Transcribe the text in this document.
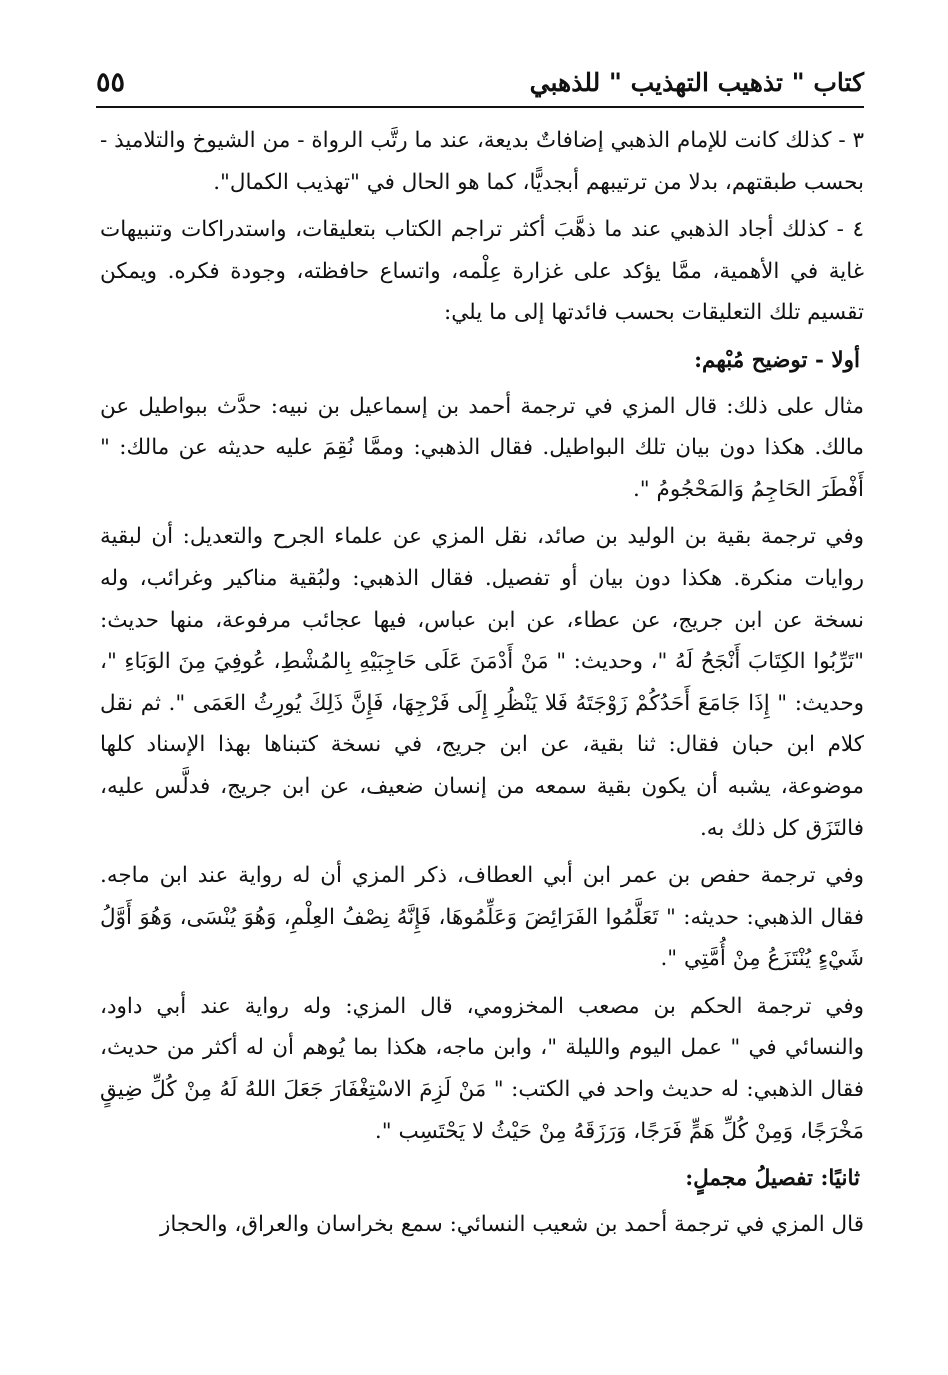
٥٥	كتاب " تذهيب التهذيب " للذهبي

٣ - كذلك كانت للإمام الذهبي إضافاتٌ بديعة، عند ما رتَّب الرواة - من الشيوخ والتلاميذ - بحسب طبقتهم، بدلا من ترتيبهم أبجديًّا، كما هو الحال في "تهذيب الكمال".

٤ - كذلك أجاد الذهبي عند ما ذهَّبَ أكثر تراجم الكتاب بتعليقات، واستدراكات وتنبيهات غاية في الأهمية، ممَّا يؤكد على غزارة عِلْمه، واتساع حافظته، وجودة فكره. ويمكن تقسيم تلك التعليقات بحسب فائدتها إلى ما يلي:

أولا - توضيح مُبْهم:

مثال على ذلك: قال المزي في ترجمة أحمد بن إسماعيل بن نبيه: حدَّث ببواطيل عن مالك. هكذا دون بيان تلك البواطيل. فقال الذهبي: وممَّا نُقِمَ عليه حديثه عن مالك: " أَفْطَرَ الحَاجِمُ وَالمَحْجُومُ ".

وفي ترجمة بقية بن الوليد بن صائد، نقل المزي عن علماء الجرح والتعديل: أن لبقية روايات منكرة. هكذا دون بيان أو تفصيل. فقال الذهبي: ولبُقية مناكير وغرائب، وله نسخة عن ابن جريج، عن عطاء، عن ابن عباس، فيها عجائب مرفوعة، منها حديث: "تَرِّبُوا الكِتَابَ أَنْجَحُ لَهُ "، وحديث: " مَنْ أَدْمَنَ عَلَى حَاجِبَيْهِ بِالمُشْطِ، عُوفِيَ مِنَ الوَبَاءِ "، وحديث: " إِذَا جَامَعَ أَحَدُكُمْ زَوْجَتَهُ فَلا يَنْظُرِ إِلَى فَرْجِهَا، فَإِنَّ ذَلِكَ يُورِثُ العَمَى ". ثم نقل كلام ابن حبان فقال: ثنا بقية، عن ابن جريج، في نسخة كتبناها بهذا الإسناد كلها موضوعة، يشبه أن يكون بقية سمعه من إنسان ضعيف، عن ابن جريج، فدلَّس عليه، فالتَزَق كل ذلك به.

وفي ترجمة حفص بن عمر ابن أبي العطاف، ذكر المزي أن له رواية عند ابن ماجه. فقال الذهبي: حديثه: " تَعَلَّمُوا الفَرَائِضَ وَعَلِّمُوهَا، فَإِنَّهُ نِصْفُ العِلْمِ، وَهُوَ يُنْسَى، وَهُوَ أَوَّلُ شَيْءٍ يُنْتَزَعُ مِنْ أُمَّتِي ".

وفي ترجمة الحكم بن مصعب المخزومي، قال المزي: وله رواية عند أبي داود، والنسائي في " عمل اليوم والليلة "، وابن ماجه، هكذا بما يُوهم أن له أكثر من حديث، فقال الذهبي: له حديث واحد في الكتب: " مَنْ لَزِمَ الاسْتِغْفَارَ جَعَلَ اللهُ لَهُ مِنْ كُلِّ ضِيقٍ مَخْرَجًا، وَمِنْ كُلِّ هَمٍّ فَرَجًا، وَرَزَقَهُ مِنْ حَيْثُ لا يَحْتَسِب ".

ثانيًا: تفصيلُ مجملٍ:

قال المزي في ترجمة أحمد بن شعيب النسائي: سمع بخراسان والعراق، والحجاز
